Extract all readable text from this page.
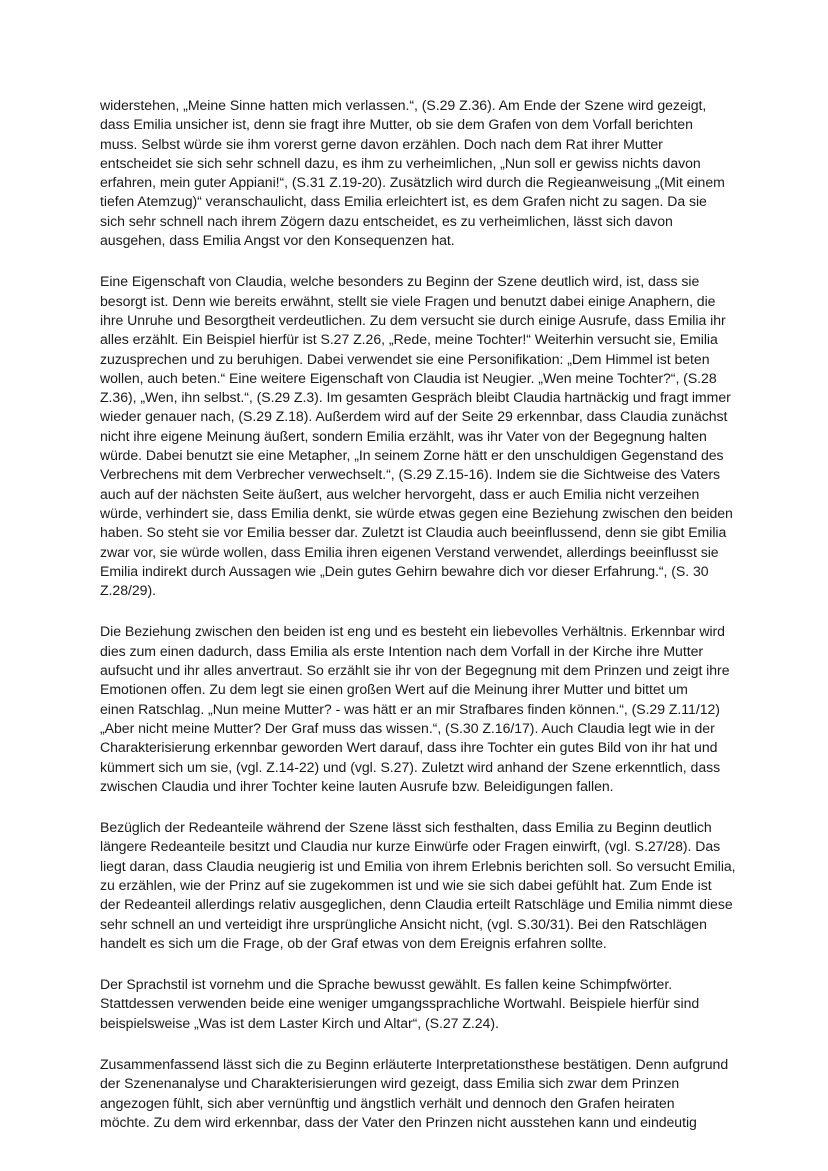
widerstehen, „Meine Sinne hatten mich verlassen.“, (S.29 Z.36). Am Ende der Szene wird gezeigt,
dass Emilia unsicher ist, denn sie fragt ihre Mutter, ob sie dem Grafen von dem Vorfall berichten
muss. Selbst würde sie ihm vorerst gerne davon erzählen. Doch nach dem Rat ihrer Mutter
entscheidet sie sich sehr schnell dazu, es ihm zu verheimlichen, „Nun soll er gewiss nichts davon
erfahren, mein guter Appiani!“, (S.31 Z.19-20). Zusätzlich wird durch die Regieanweisung „(Mit einem
tiefen Atemzug)“ veranschaulicht, dass Emilia erleichtert ist, es dem Grafen nicht zu sagen. Da sie
sich sehr schnell nach ihrem Zögern dazu entscheidet, es zu verheimlichen, lässt sich davon
ausgehen, dass Emilia Angst vor den Konsequenzen hat.

Eine Eigenschaft von Claudia, welche besonders zu Beginn der Szene deutlich wird, ist, dass sie
besorgt ist. Denn wie bereits erwähnt, stellt sie viele Fragen und benutzt dabei einige Anaphern, die
ihre Unruhe und Besorgtheit verdeutlichen. Zu dem versucht sie durch einige Ausrufe, dass Emilia ihr
alles erzählt. Ein Beispiel hierfür ist S.27 Z.26, „Rede, meine Tochter!“ Weiterhin versucht sie, Emilia
zuzusprechen und zu beruhigen. Dabei verwendet sie eine Personifikation: „Dem Himmel ist beten
wollen, auch beten.“ Eine weitere Eigenschaft von Claudia ist Neugier. „Wen meine Tochter?“, (S.28
Z.36), „Wen, ihn selbst.“, (S.29 Z.3). Im gesamten Gespräch bleibt Claudia hartnäckig und fragt immer
wieder genauer nach, (S.29 Z.18). Außerdem wird auf der Seite 29 erkennbar, dass Claudia zunächst
nicht ihre eigene Meinung äußert, sondern Emilia erzählt, was ihr Vater von der Begegnung halten
würde. Dabei benutzt sie eine Metapher, „In seinem Zorne hätt er den unschuldigen Gegenstand des
Verbrechens mit dem Verbrecher verwechselt.“, (S.29 Z.15-16). Indem sie die Sichtweise des Vaters
auch auf der nächsten Seite äußert, aus welcher hervorgeht, dass er auch Emilia nicht verzeihen
würde, verhindert sie, dass Emilia denkt, sie würde etwas gegen eine Beziehung zwischen den beiden
haben. So steht sie vor Emilia besser dar. Zuletzt ist Claudia auch beeinflussend, denn sie gibt Emilia
zwar vor, sie würde wollen, dass Emilia ihren eigenen Verstand verwendet, allerdings beeinflusst sie
Emilia indirekt durch Aussagen wie „Dein gutes Gehirn bewahre dich vor dieser Erfahrung.“, (S. 30
Z.28/29).

Die Beziehung zwischen den beiden ist eng und es besteht ein liebevolles Verhältnis. Erkennbar wird
dies zum einen dadurch, dass Emilia als erste Intention nach dem Vorfall in der Kirche ihre Mutter
aufsucht und ihr alles anvertraut. So erzählt sie ihr von der Begegnung mit dem Prinzen und zeigt ihre
Emotionen offen. Zu dem legt sie einen großen Wert auf die Meinung ihrer Mutter und bittet um
einen Ratschlag. „Nun meine Mutter? - was hätt er an mir Strafbares finden können.“, (S.29 Z.11/12)
„Aber nicht meine Mutter? Der Graf muss das wissen.“, (S.30 Z.16/17). Auch Claudia legt wie in der
Charakterisierung erkennbar geworden Wert darauf, dass ihre Tochter ein gutes Bild von ihr hat und
kümmert sich um sie, (vgl. Z.14-22) und (vgl. S.27). Zuletzt wird anhand der Szene erkenntlich, dass
zwischen Claudia und ihrer Tochter keine lauten Ausrufe bzw. Beleidigungen fallen.

Bezüglich der Redeanteile während der Szene lässt sich festhalten, dass Emilia zu Beginn deutlich
längere Redeanteile besitzt und Claudia nur kurze Einwürfe oder Fragen einwirft, (vgl. S.27/28). Das
liegt daran, dass Claudia neugierig ist und Emilia von ihrem Erlebnis berichten soll. So versucht Emilia,
zu erzählen, wie der Prinz auf sie zugekommen ist und wie sie sich dabei gefühlt hat. Zum Ende ist
der Redeanteil allerdings relativ ausgeglichen, denn Claudia erteilt Ratschläge und Emilia nimmt diese
sehr schnell an und verteidigt ihre ursprüngliche Ansicht nicht, (vgl. S.30/31). Bei den Ratschlägen
handelt es sich um die Frage, ob der Graf etwas von dem Ereignis erfahren sollte.

Der Sprachstil ist vornehm und die Sprache bewusst gewählt. Es fallen keine Schimpfwörter.
Stattdessen verwenden beide eine weniger umgangssprachliche Wortwahl. Beispiele hierfür sind
beispielsweise „Was ist dem Laster Kirch und Altar“, (S.27 Z.24).

Zusammenfassend lässt sich die zu Beginn erläuterte Interpretationsthese bestätigen. Denn aufgrund
der Szenenanalyse und Charakterisierungen wird gezeigt, dass Emilia sich zwar dem Prinzen
angezogen fühlt, sich aber vernünftig und ängstlich verhält und dennoch den Grafen heiraten
möchte. Zu dem wird erkennbar, dass der Vater den Prinzen nicht ausstehen kann und eindeutig
